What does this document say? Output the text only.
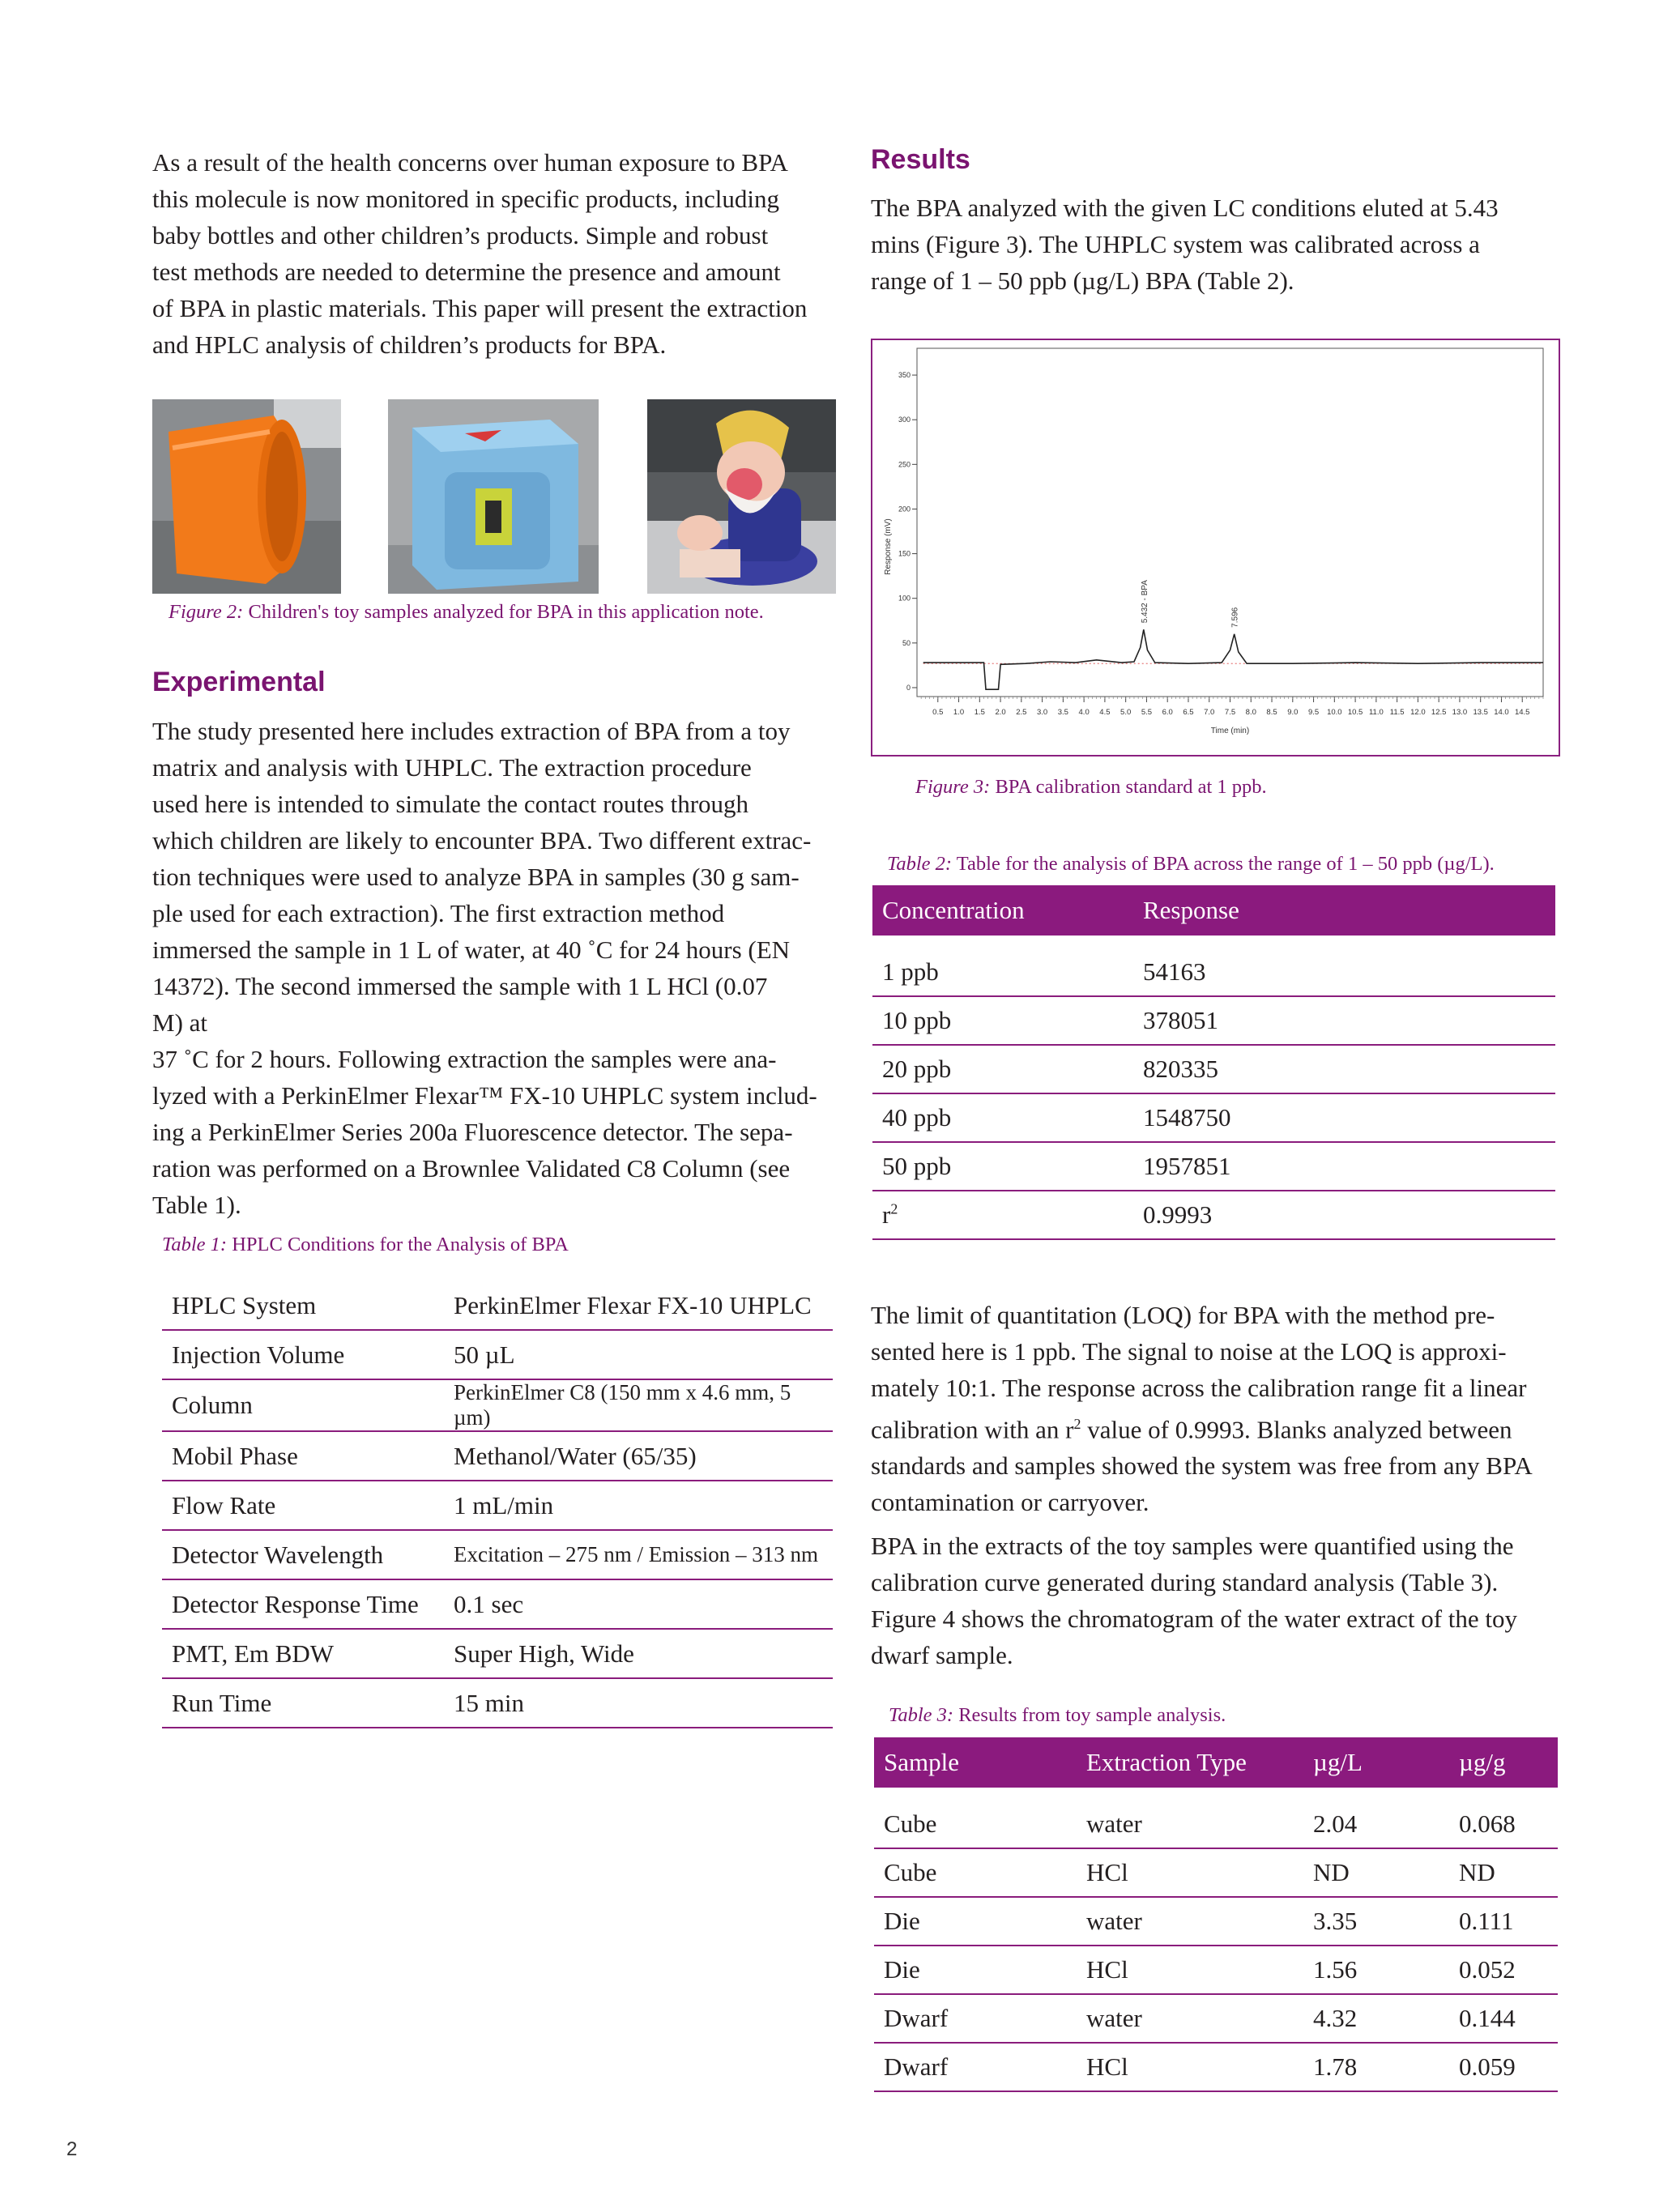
As a result of the health concerns over human exposure to BPA

this molecule is now monitored in specific products, including

baby bottles and other children’s products. Simple and robust

test methods are needed to determine the presence and amount

of BPA in plastic materials. This paper will present the extraction

and HPLC analysis of children’s products for BPA.

Figure 2: Children's toy samples analyzed for BPA in this application note.
Experimental

The study presented here includes extraction of BPA from a toy

matrix and analysis with UHPLC. The extraction procedure

used here is intended to simulate the contact routes through

which children are likely to encounter BPA. Two different extrac-

tion techniques were used to analyze BPA in samples (30 g sam-

ple used for each extraction). The first extraction method

immersed the sample in 1 L of water, at 40 ˚C for 24 hours (EN

14372). The second immersed the sample with 1 L HCl (0.07

M) at

37 ˚C for 2 hours. Following extraction the samples were ana-

lyzed with a PerkinElmer Flexar™ FX-10 UHPLC system includ-

ing a PerkinElmer Series 200a Fluorescence detector. The sepa-

ration was performed on a Brownlee Validated C8 Column (see

Table 1).

Table 1: HPLC Conditions for the Analysis of BPA
HPLC System	PerkinElmer Flexar FX-10 UHPLC
Injection Volume	50 µL
Column	PerkinElmer C8 (150 mm x 4.6 mm, 5 µm)
Mobil Phase	Methanol/Water (65/35)
Flow Rate	1 mL/min
Detector Wavelength	Excitation – 275 nm / Emission – 313 nm
Detector Response Time	0.1 sec
PMT, Em BDW	Super High, Wide
Run Time	15 min
Results

The BPA analyzed with the given LC conditions eluted at 5.43

mins (Figure 3). The UHPLC system was calibrated across a

range of 1 – 50 ppb (µg/L) BPA (Table 2).

0
50
100
150
200
250
300
350
0.5 1.0 1.5 2.0 2.5 3.0 3.5 4.0 4.5 5.0 5.5 6.0 6.5 7.0 7.5 8.0 8.5 9.0 9.5 10.0 10.5 11.0 11.5 12.0 12.5 13.0 13.5 14.0 14.5
Time (min)
Response (mV)
5.432 - BPA	7.596
Figure 3: BPA calibration standard at 1 ppb.
Table 2: Table for the analysis of BPA across the range of 1 – 50 ppb (µg/L).
Concentration	Response

1 ppb	54163
10 ppb	378051
20 ppb	820335
40 ppb	1548750
50 ppb	1957851
$r^2$	0.9993

The limit of quantitation (LOQ) for BPA with the method pre-

sented here is 1 ppb. The signal to noise at the LOQ is approxi-

mately 10:1. The response across the calibration range fit a linear

calibration with an $r^2$ value of 0.9993. Blanks analyzed between

standards and samples showed the system was free from any BPA

contamination or carryover.

BPA in the extracts of the toy samples were quantified using the

calibration curve generated during standard analysis (Table 3).

Figure 4 shows the chromatogram of the water extract of the toy

dwarf sample.

Table 3: Results from toy sample analysis.
Sample	Extraction Type	µg/L	µg/g

Cube	water	2.04	0.068
Cube	HCl	ND	ND
Die	water	3.35	0.111
Die	HCl	1.56	0.052
Dwarf	water	4.32	0.144
Dwarf	HCl	1.78	0.059
2
